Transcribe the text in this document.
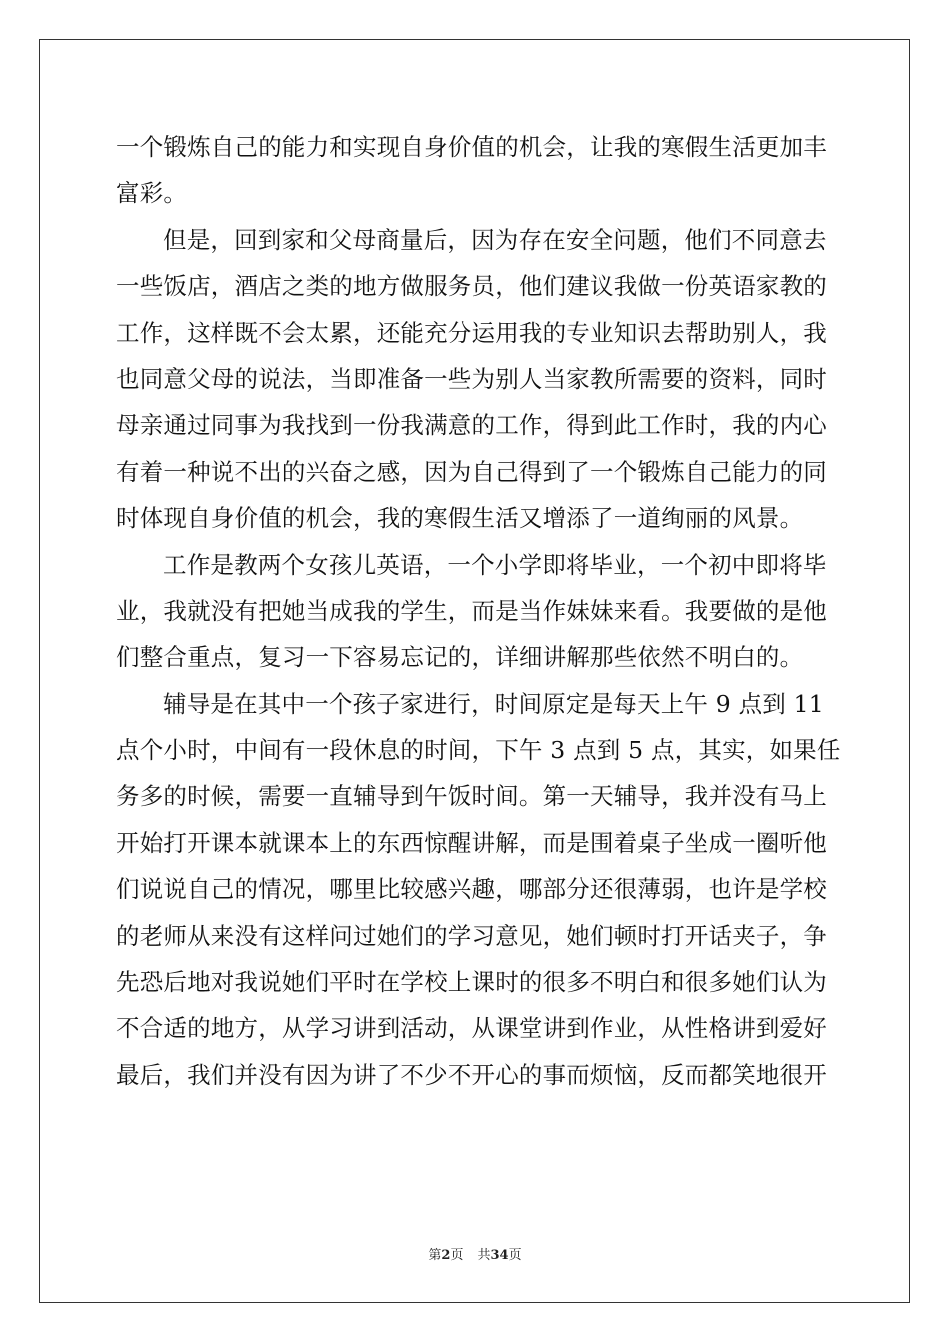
一个锻炼自己的能力和实现自身价值的机会，让我的寒假生活更加丰
富彩。
但是，回到家和父母商量后，因为存在安全问题，他们不同意去
一些饭店，酒店之类的地方做服务员，他们建议我做一份英语家教的
工作，这样既不会太累，还能充分运用我的专业知识去帮助别人，我
也同意父母的说法，当即准备一些为别人当家教所需要的资料，同时
母亲通过同事为我找到一份我满意的工作，得到此工作时，我的内心
有着一种说不出的兴奋之感，因为自己得到了一个锻炼自己能力的同
时体现自身价值的机会，我的寒假生活又增添了一道绚丽的风景。
工作是教两个女孩儿英语，一个小学即将毕业，一个初中即将毕
业，我就没有把她当成我的学生，而是当作妹妹来看。我要做的是他
们整合重点，复习一下容易忘记的，详细讲解那些依然不明白的。
辅导是在其中一个孩子家进行，时间原定是每天上午 9 点到 11
点个小时，中间有一段休息的时间，下午 3 点到 5 点，其实，如果任
务多的时候，需要一直辅导到午饭时间。第一天辅导，我并没有马上
开始打开课本就课本上的东西惊醒讲解，而是围着桌子坐成一圈听他
们说说自己的情况，哪里比较感兴趣，哪部分还很薄弱，也许是学校
的老师从来没有这样问过她们的学习意见，她们顿时打开话夹子，争
先恐后地对我说她们平时在学校上课时的很多不明白和很多她们认为
不合适的地方，从学习讲到活动，从课堂讲到作业，从性格讲到爱好
最后，我们并没有因为讲了不少不开心的事而烦恼，反而都笑地很开
第2页 共34页
